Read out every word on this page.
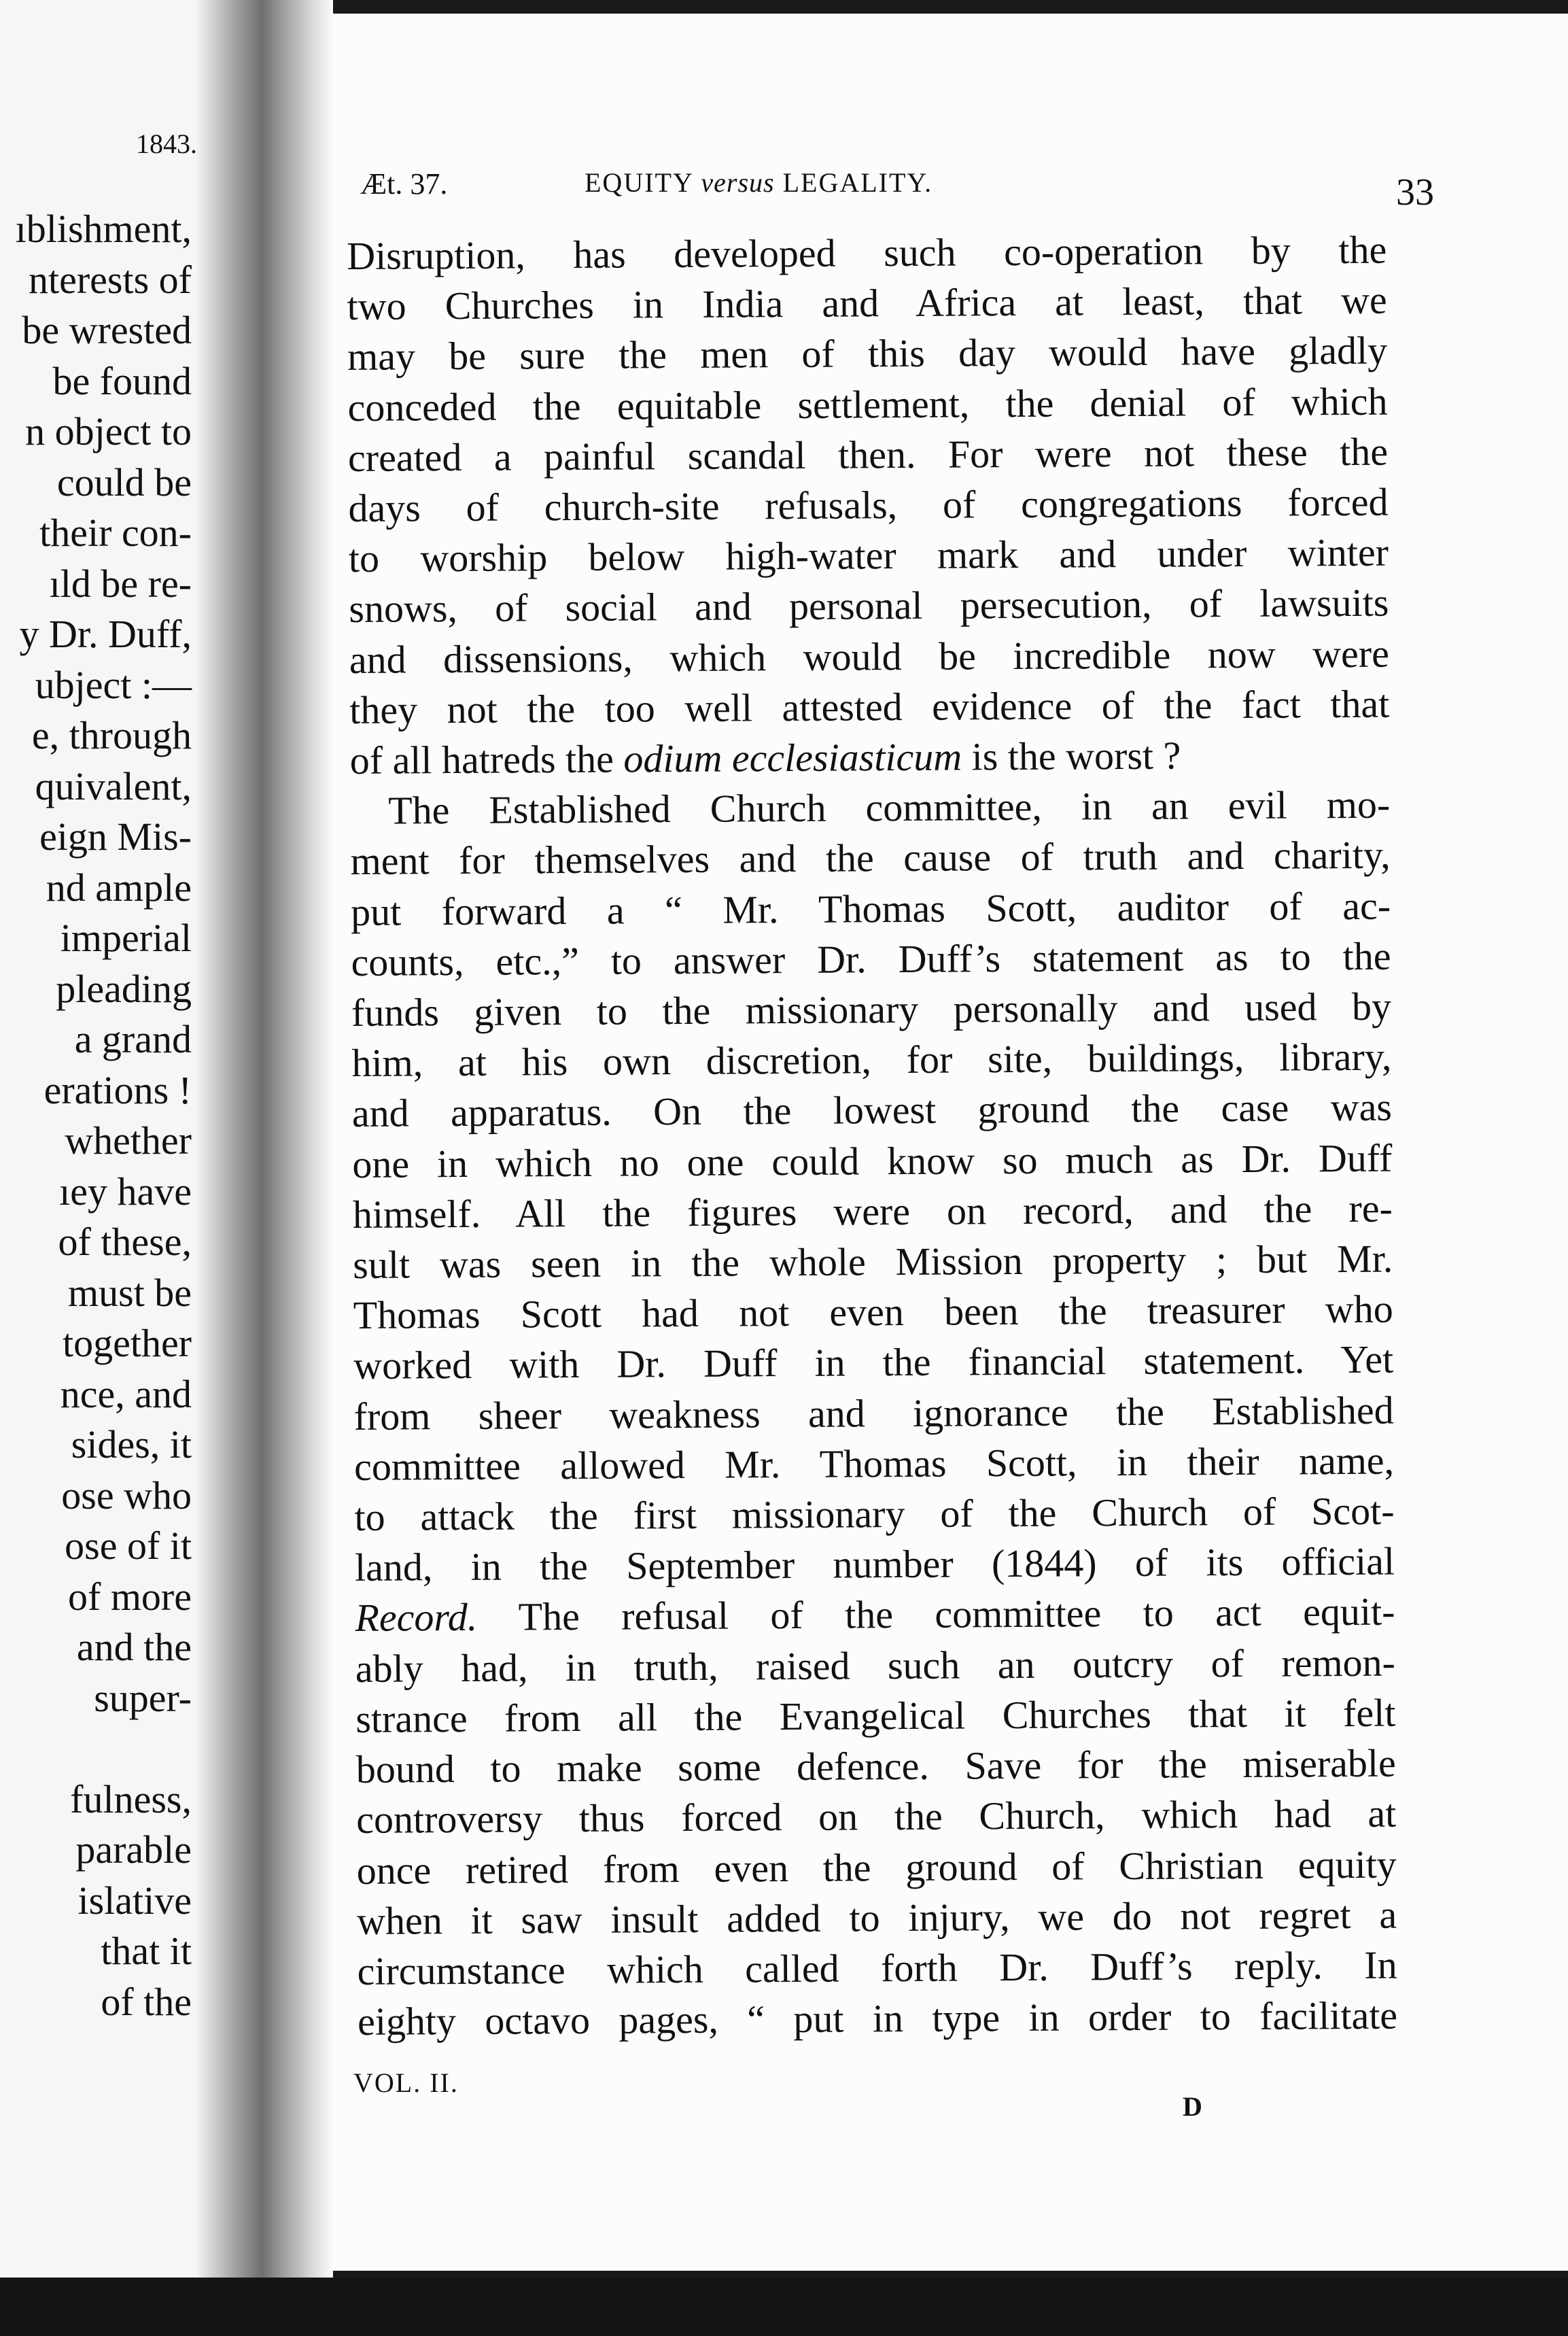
1843.
ıblishment,
nterests of
be wrested
be found
n object to
could be
their con-
ıld be re-
y Dr. Duff,
ubject :—
e, through
quivalent,
eign Mis-
nd ample
imperial
pleading
a grand
erations !
whether
ıey have
of these,
must be
together
nce, and
sides, it
ose who
ose of it
of more
and the
super-

fulness,
parable
islative
that it
of the
Æt. 37.	EQUITY versus LEGALITY.	33
Disruption, has developed such co-operation by the
two Churches in India and Africa at least, that we
may be sure the men of this day would have gladly
conceded the equitable settlement, the denial of which
created a painful scandal then. For were not these the
days of church-site refusals, of congregations forced
to worship below high-water mark and under winter
snows, of social and personal persecution, of lawsuits
and dissensions, which would be incredible now were
they not the too well attested evidence of the fact that
of all hatreds the odium ecclesiasticum is the worst ?
The Established Church committee, in an evil mo-
ment for themselves and the cause of truth and charity,
put forward a “ Mr. Thomas Scott, auditor of ac-
counts, etc.,” to answer Dr. Duff’s statement as to the
funds given to the missionary personally and used by
him, at his own discretion, for site, buildings, library,
and apparatus. On the lowest ground the case was
one in which no one could know so much as Dr. Duff
himself. All the figures were on record, and the re-
sult was seen in the whole Mission property ; but Mr.
Thomas Scott had not even been the treasurer who
worked with Dr. Duff in the financial statement. Yet
from sheer weakness and ignorance the Established
committee allowed Mr. Thomas Scott, in their name,
to attack the first missionary of the Church of Scot-
land, in the September number (1844) of its official
Record. The refusal of the committee to act equit-
ably had, in truth, raised such an outcry of remon-
strance from all the Evangelical Churches that it felt
bound to make some defence. Save for the miserable
controversy thus forced on the Church, which had at
once retired from even the ground of Christian equity
when it saw insult added to injury, we do not regret a
circumstance which called forth Dr. Duff’s reply. In
eighty octavo pages, “ put in type in order to facilitate
VOL. II.
D
